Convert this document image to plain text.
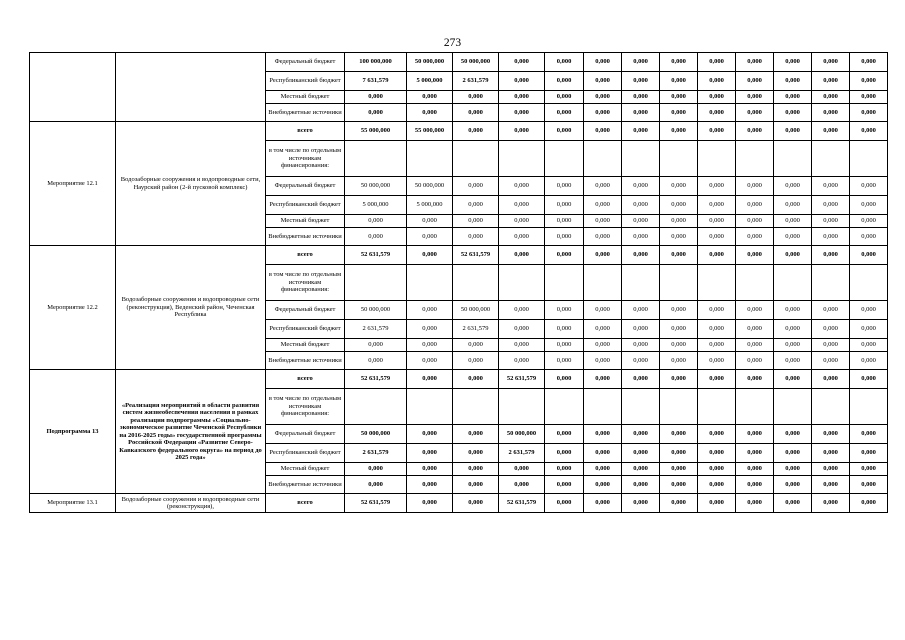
273
		Федеральный бюджет	100 000,000	50 000,000	50 000,000	0,000	0,000	0,000	0,000	0,000	0,000	0,000	0,000	0,000	0,000
		Республиканский бюджет	7 631,579	5 000,000	2 631,579	0,000	0,000	0,000	0,000	0,000	0,000	0,000	0,000	0,000	0,000
		Местный бюджет	0,000	0,000	0,000	0,000	0,000	0,000	0,000	0,000	0,000	0,000	0,000	0,000	0,000
		Внебюджетные источники	0,000	0,000	0,000	0,000	0,000	0,000	0,000	0,000	0,000	0,000	0,000	0,000	0,000
Мероприятие 12.1	Водозаборные сооружения и водопроводные сети, Наурский район (2-й пусковой комплекс)	всего	55 000,000	55 000,000	0,000	0,000	0,000	0,000	0,000	0,000	0,000	0,000	0,000	0,000	0,000
		в том числе по отдельным источникам финансирования:													
		Федеральный бюджет	50 000,000	50 000,000	0,000	0,000	0,000	0,000	0,000	0,000	0,000	0,000	0,000	0,000	0,000
		Республиканский бюджет	5 000,000	5 000,000	0,000	0,000	0,000	0,000	0,000	0,000	0,000	0,000	0,000	0,000	0,000
		Местный бюджет	0,000	0,000	0,000	0,000	0,000	0,000	0,000	0,000	0,000	0,000	0,000	0,000	0,000
		Внебюджетные источники	0,000	0,000	0,000	0,000	0,000	0,000	0,000	0,000	0,000	0,000	0,000	0,000	0,000
Мероприятие 12.2	Водозаборные сооружения и водопроводные сети (реконструкция), Веденский район, Чеченская Республика	всего	52 631,579	0,000	52 631,579	0,000	0,000	0,000	0,000	0,000	0,000	0,000	0,000	0,000	0,000
		в том числе по отдельным источникам финансирования:													
		Федеральный бюджет	50 000,000	0,000	50 000,000	0,000	0,000	0,000	0,000	0,000	0,000	0,000	0,000	0,000	0,000
		Республиканский бюджет	2 631,579	0,000	2 631,579	0,000	0,000	0,000	0,000	0,000	0,000	0,000	0,000	0,000	0,000
		Местный бюджет	0,000	0,000	0,000	0,000	0,000	0,000	0,000	0,000	0,000	0,000	0,000	0,000	0,000
		Внебюджетные источники	0,000	0,000	0,000	0,000	0,000	0,000	0,000	0,000	0,000	0,000	0,000	0,000	0,000
Подпрограмма 13	«Реализация мероприятий в области развития систем жизнеобеспечения населения в рамках реализации подпрограммы «Социально-экономическое развитие Чеченской Республики на 2016-2025 годы» государственной программы Российской Федерации «Развитие Северо-Кавказского федерального округа» на период до 2025 года»	всего	52 631,579	0,000	0,000	52 631,579	0,000	0,000	0,000	0,000	0,000	0,000	0,000	0,000	0,000
		в том числе по отдельным источникам финансирования:													
		Федеральный бюджет	50 000,000	0,000	0,000	50 000,000	0,000	0,000	0,000	0,000	0,000	0,000	0,000	0,000	0,000
		Республиканский бюджет	2 631,579	0,000	0,000	2 631,579	0,000	0,000	0,000	0,000	0,000	0,000	0,000	0,000	0,000
		Местный бюджет	0,000	0,000	0,000	0,000	0,000	0,000	0,000	0,000	0,000	0,000	0,000	0,000	0,000
		Внебюджетные источники	0,000	0,000	0,000	0,000	0,000	0,000	0,000	0,000	0,000	0,000	0,000	0,000	0,000
Мероприятие 13.1	Водозаборные сооружения и водопроводные сети (реконструкция),	всего	52 631,579	0,000	0,000	52 631,579	0,000	0,000	0,000	0,000	0,000	0,000	0,000	0,000	0,000
